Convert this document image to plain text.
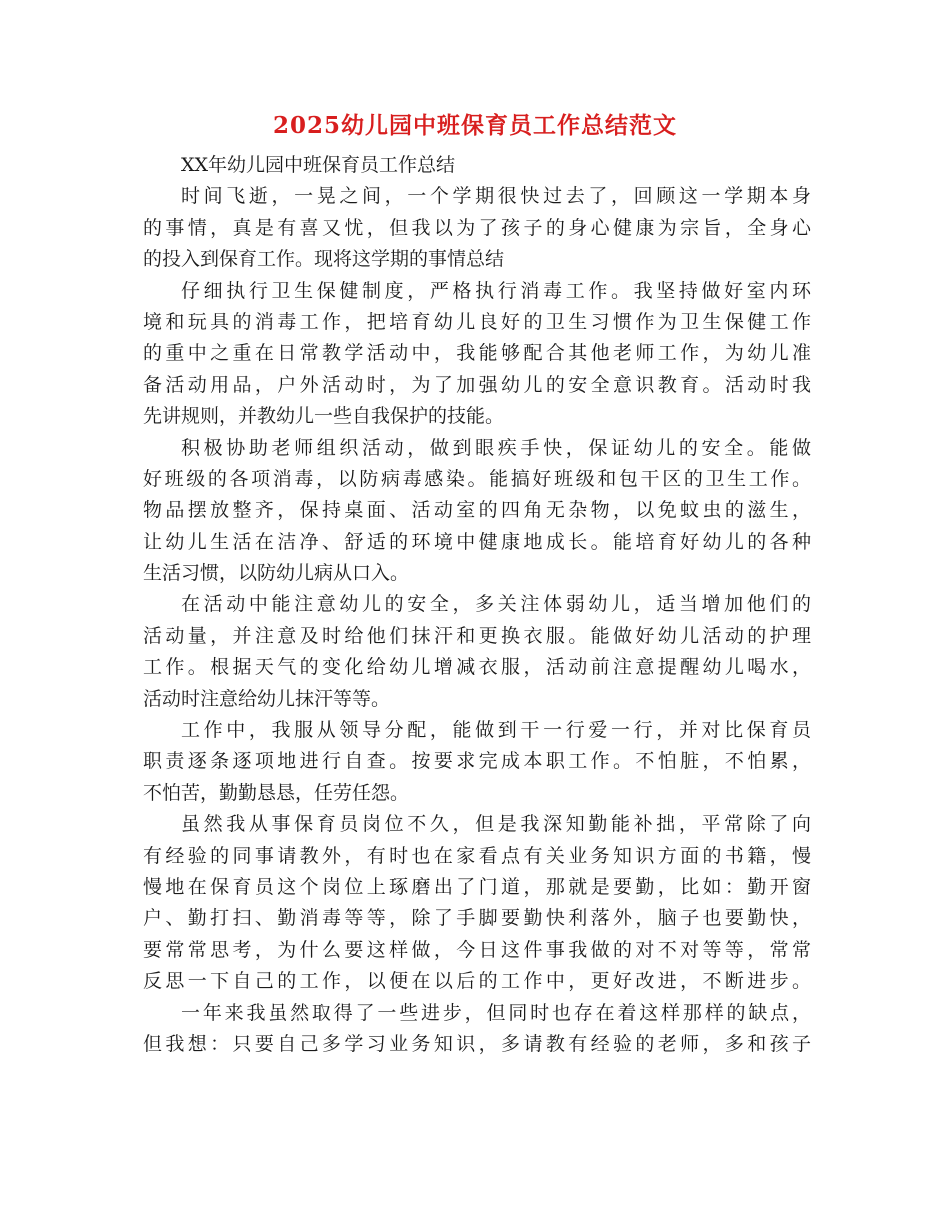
2025幼儿园中班保育员工作总结范文
XX年幼儿园中班保育员工作总结
时间飞逝，一晃之间，一个学期很快过去了，回顾这一学期本身
的事情，真是有喜又忧，但我以为了孩子的身心健康为宗旨，全身心
的投入到保育工作。现将这学期的事情总结
仔细执行卫生保健制度，严格执行消毒工作。我坚持做好室内环
境和玩具的消毒工作，把培育幼儿良好的卫生习惯作为卫生保健工作
的重中之重在日常教学活动中，我能够配合其他老师工作，为幼儿准
备活动用品，户外活动时，为了加强幼儿的安全意识教育。活动时我
先讲规则，并教幼儿一些自我保护的技能。
积极协助老师组织活动，做到眼疾手快，保证幼儿的安全。能做
好班级的各项消毒，以防病毒感染。能搞好班级和包干区的卫生工作。
物品摆放整齐，保持桌面、活动室的四角无杂物，以免蚊虫的滋生，
让幼儿生活在洁净、舒适的环境中健康地成长。能培育好幼儿的各种
生活习惯，以防幼儿病从口入。
在活动中能注意幼儿的安全，多关注体弱幼儿，适当增加他们的
活动量，并注意及时给他们抹汗和更换衣服。能做好幼儿活动的护理
工作。根据天气的变化给幼儿增减衣服，活动前注意提醒幼儿喝水，
活动时注意给幼儿抹汗等等。
工作中，我服从领导分配，能做到干一行爱一行，并对比保育员
职责逐条逐项地进行自查。按要求完成本职工作。不怕脏，不怕累，
不怕苦，勤勤恳恳，任劳任怨。
虽然我从事保育员岗位不久，但是我深知勤能补拙，平常除了向
有经验的同事请教外，有时也在家看点有关业务知识方面的书籍，慢
慢地在保育员这个岗位上琢磨出了门道，那就是要勤，比如：勤开窗
户、勤打扫、勤消毒等等，除了手脚要勤快利落外，脑子也要勤快，
要常常思考，为什么要这样做，今日这件事我做的对不对等等，常常
反思一下自己的工作，以便在以后的工作中，更好改进，不断进步。
一年来我虽然取得了一些进步，但同时也存在着这样那样的缺点，
但我想：只要自己多学习业务知识，多请教有经验的老师，多和孩子
